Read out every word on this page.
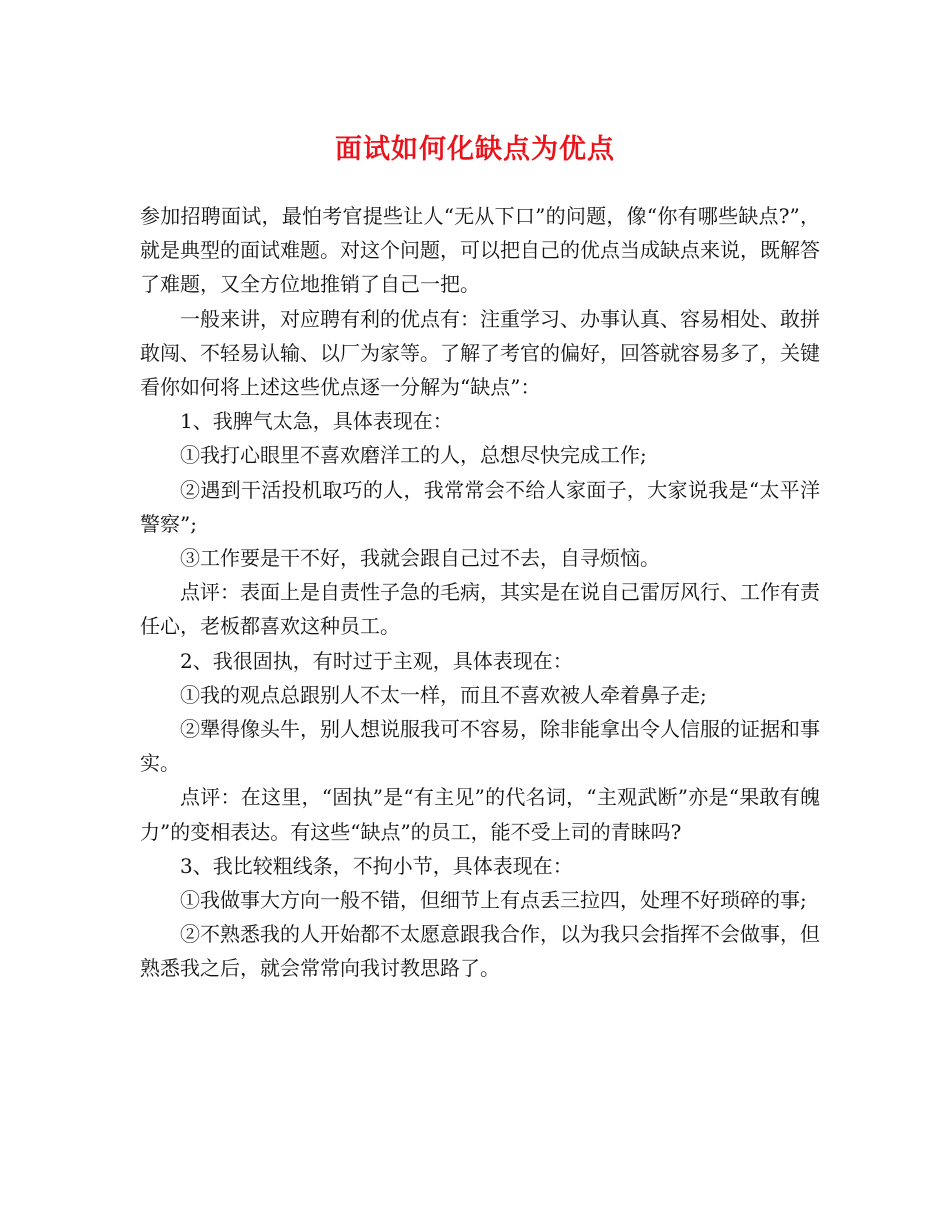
面试如何化缺点为优点

参加招聘面试，最怕考官提些让人“无从下口”的问题，像“你有哪些缺点?”，就是典型的面试难题。对这个问题，可以把自己的优点当成缺点来说，既解答了难题，又全方位地推销了自己一把。

一般来讲，对应聘有利的优点有：注重学习、办事认真、容易相处、敢拼敢闯、不轻易认输、以厂为家等。了解了考官的偏好，回答就容易多了，关键看你如何将上述这些优点逐一分解为“缺点”：

1、我脾气太急，具体表现在：

①我打心眼里不喜欢磨洋工的人，总想尽快完成工作;

②遇到干活投机取巧的人，我常常会不给人家面子，大家说我是“太平洋警察”;

③工作要是干不好，我就会跟自己过不去，自寻烦恼。

点评：表面上是自责性子急的毛病，其实是在说自己雷厉风行、工作有责任心，老板都喜欢这种员工。

2、我很固执，有时过于主观，具体表现在：

①我的观点总跟别人不太一样，而且不喜欢被人牵着鼻子走;

②犟得像头牛，别人想说服我可不容易，除非能拿出令人信服的证据和事实。

点评：在这里，“固执”是“有主见”的代名词，“主观武断”亦是“果敢有魄力”的变相表达。有这些“缺点”的员工，能不受上司的青睐吗?

3、我比较粗线条，不拘小节，具体表现在：

①我做事大方向一般不错，但细节上有点丢三拉四，处理不好琐碎的事;

②不熟悉我的人开始都不太愿意跟我合作，以为我只会指挥不会做事，但熟悉我之后，就会常常向我讨教思路了。
